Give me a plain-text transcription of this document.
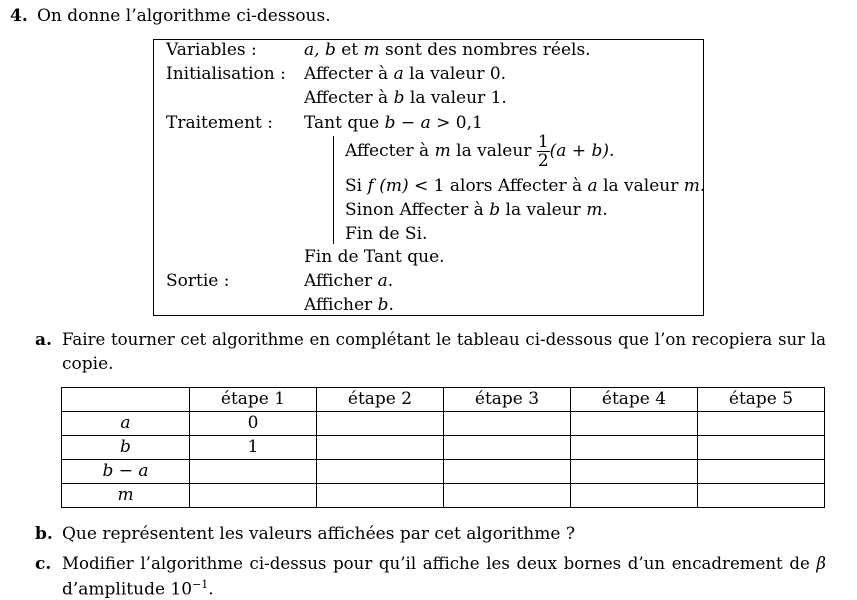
4. On donne l’algorithme ci-dessous.
Variables :	a, b et m sont des nombres réels.
Initialisation : Affecter à a la valeur 0.
Affecter à b la valeur 1.
Traitement : Tant que b − a > 0,1
Affecter à m la valeur $\frac{1}{2} (a + b)$.
Si f (m) < 1 alors Affecter à a la valeur m.
Sinon Affecter à b la valeur m.
Fin de Si.
Fin de Tant que.
Sortie :	Afficher a.
Afficher b.
a. Faire tourner cet algorithme en complétant le tableau ci-dessous que l’on recopiera sur la
copie.
	étape 1	étape 2	étape 3	étape 4	étape 5
a	0				
b	1				
b − a					
m					
b. Que représentent les valeurs affichées par cet algorithme ?
c. Modifier l’algorithme ci-dessus pour qu’il affiche les deux bornes d’un encadrement de β
d’amplitude $10^{-1}$.
